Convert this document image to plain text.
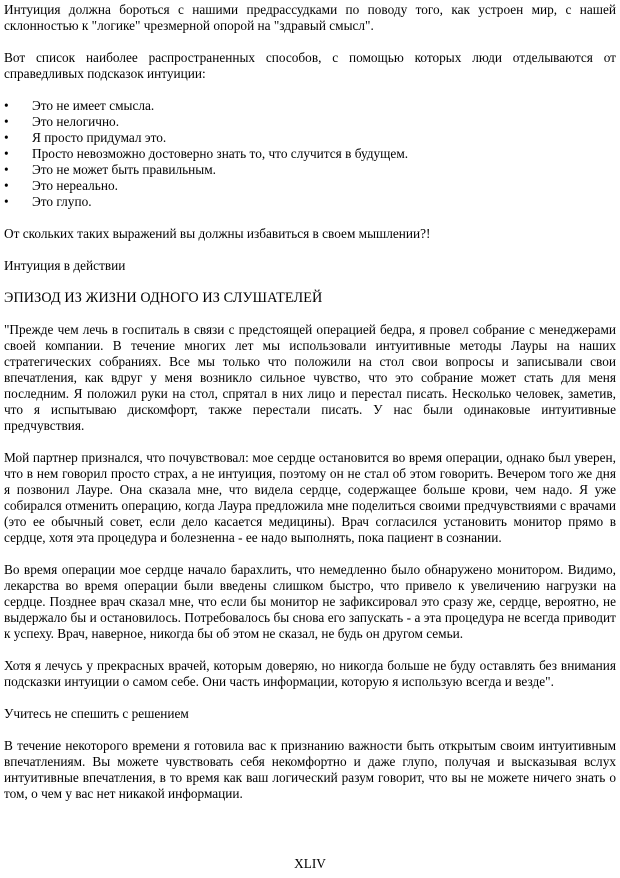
Интуиция должна бороться с нашими предрассудками по поводу того, как устроен мир, с нашей склонностью к "логике" чрезмерной опорой на "здравый смысл".

Вот список наиболее распространенных способов, с помощью которых люди отделываются от справедливых подсказок интуиции:

• Это не имеет смысла.
• Это нелогично.
• Я просто придумал это.
• Просто невозможно достоверно знать то, что случится в будущем.
• Это не может быть правильным.
• Это нереально.
• Это глупо.

От скольких таких выражений вы должны избавиться в своем мышлении?!

Интуиция в действии

ЭПИЗОД ИЗ ЖИЗНИ ОДНОГО ИЗ СЛУШАТЕЛЕЙ

"Прежде чем лечь в госпиталь в связи с предстоящей операцией бедра, я провел собрание с менеджерами своей компании. В течение многих лет мы использовали интуитивные методы Лауры на наших стратегических собраниях. Все мы только что положили на стол свои вопросы и записывали свои впечатления, как вдруг у меня возникло сильное чувство, что это собрание может стать для меня последним. Я положил руки на стол, спрятал в них лицо и перестал писать. Несколько человек, заметив, что я испытываю дискомфорт, также перестали писать. У нас были одинаковые интуитивные предчувствия.

Мой партнер признался, что почувствовал: мое сердце остановится во время операции, однако был уверен, что в нем говорил просто страх, а не интуиция, поэтому он не стал об этом говорить. Вечером того же дня я позвонил Лауре. Она сказала мне, что видела сердце, содержащее больше крови, чем надо. Я уже собирался отменить операцию, когда Лаура предложила мне поделиться своими предчувствиями с врачами (это ее обычный совет, если дело касается медицины). Врач согласился установить монитор прямо в сердце, хотя эта процедура и болезненна - ее надо выполнять, пока пациент в сознании.

Во время операции мое сердце начало барахлить, что немедленно было обнаружено монитором. Видимо, лекарства во время операции были введены слишком быстро, что привело к увеличению нагрузки на сердце. Позднее врач сказал мне, что если бы монитор не зафиксировал это сразу же, сердце, вероятно, не выдержало бы и остановилось. Потребовалось бы снова его запускать - а эта процедура не всегда приводит к успеху. Врач, наверное, никогда бы об этом не сказал, не будь он другом семьи.

Хотя я лечусь у прекрасных врачей, которым доверяю, но никогда больше не буду оставлять без внимания подсказки интуиции о самом себе. Они часть информации, которую я использую всегда и везде".

Учитесь не спешить с решением

В течение некоторого времени я готовила вас к признанию важности быть открытым своим интуитивным впечатлениям. Вы можете чувствовать себя некомфортно и даже глупо, получая и высказывая вслух интуитивные впечатления, в то время как ваш логический разум говорит, что вы не можете ничего знать о том, о чем у вас нет никакой информации.

XLIV
